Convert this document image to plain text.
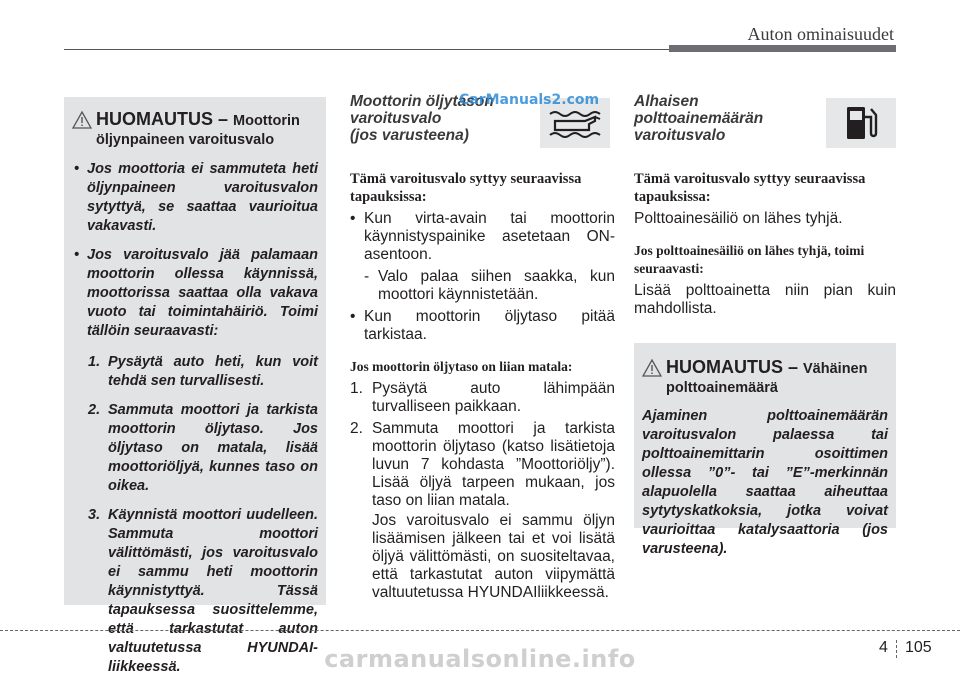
Auton ominaisuudet
HUOMAUTUS – Moottorin
öljynpaineen varoitusvalo
• Jos moottoria ei sammuteta heti öljynpaineen varoitusvalon sytyttyä, se saattaa vaurioitua vakavasti.
• Jos varoitusvalo jää palamaan moottorin ollessa käynnissä, moottorissa saattaa olla vakava vuoto tai toimintahäiriö. Toimi tällöin seuraavasti:
1. Pysäytä auto heti, kun voit tehdä sen turvallisesti.
2. Sammuta moottori ja tarkista moottorin öljytaso. Jos öljytaso on matala, lisää moottoriöljyä, kunnes taso on oikea.
3. Käynnistä moottori uudelleen. Sammuta moottori välittömästi, jos varoitusvalo ei sammu heti moottorin käynnistyttyä. Tässä tapauksessa suosittelemme, että tarkastutat auton valtuutetussa HYUNDAI-liikkeessä.
Moottorin öljytason
varoitusvalo
(jos varusteena)
Tämä varoitusvalo syttyy seuraavissa tapauksissa:
• Kun virta-avain tai moottorin käynnistyspainike asetetaan ON-asentoon.
- Valo palaa siihen saakka, kun moottori käynnistetään.
• Kun moottorin öljytaso pitää tarkistaa.
Jos moottorin öljytaso on liian matala:
1. Pysäytä auto lähimpään turvalliseen paikkaan.
2. Sammuta moottori ja tarkista moottorin öljytaso (katso lisätietoja luvun 7 kohdasta ”Moottoriöljy”). Lisää öljyä tarpeen mukaan, jos taso on liian matala.
Jos varoitusvalo ei sammu öljyn lisäämisen jälkeen tai et voi lisätä öljyä välittömästi, on suositeltavaa, että tarkastutat auton viipymättä valtuutetussa HYUNDAIliikkeessä.
CarManuals2.com Alhaisen
polttoainemäärän
varoitusvalo
Tämä varoitusvalo syttyy seuraavissa tapauksissa:
Polttoainesäiliö on lähes tyhjä.
Jos polttoainesäiliö on lähes tyhjä, toimi seuraavasti:
Lisää polttoainetta niin pian kuin mahdollista.
HUOMAUTUS – Vähäinen
polttoainemäärä
Ajaminen polttoainemäärän varoitusvalon palaessa tai polttoainemittarin osoittimen ollessa ”0”- tai ”E”-merkinnän alapuolella saattaa aiheuttaa sytytyskatkoksia, jotka voivat vaurioittaa katalysaattoria (jos varusteena).
4 105
carmanualsonline.info
